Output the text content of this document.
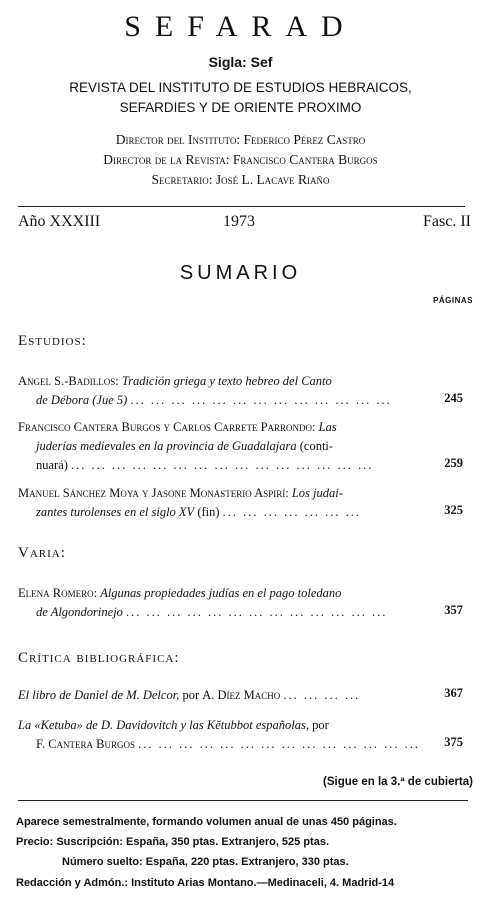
SEFARAD
Sigla: Sef
REVISTA DEL INSTITUTO DE ESTUDIOS HEBRAICOS,
SEFARDIES Y DE ORIENTE PROXIMO
Director del Instituto: Federico Pérez Castro
Director de la Revista: Francisco Cantera Burgos
Secretario: José L. Lacave Riaño
Año XXXIII	1973	Fasc. II
SUMARIO
PÁGINAS
Estudios:
Angel S.-Badillos: Tradición griega y texto hebreo del Canto
de Débora (Jue 5) ... ... ... ... ... ... ... ... ... ... ... ... ...	245
Francisco Cantera Burgos y Carlos Carrete Parrondo: Las
juderías medievales en la provincia de Guadalajara (conti-
nuará) ... ... ... ... ... ... ... ... ... ... ... ... ... ... ...	259
Manuel Sánchez Moya y Jasone Monasterio Aspirí: Los judai-
zantes turolenses en el siglo XV (fin) ... ... ... ... ... ... ...	325
Varia:
Elena Romero: Algunas propiedades judías en el pago toledano
de Algondorinejo ... ... ... ... ... ... ... ... ... ... ... ... ...	357
Crítica bibliográfica:
El libro de Daniel de M. Delcor, por A. Díez Macho ... ... ... ...	367
La «Ketuba» de D. Davidovitch y las Kĕtubbot españolas, por
F. Cantera Burgos ... ... ... ... ... ... ... ... ... ... ... ... ... ...	375
(Sigue en la 3.ª de cubierta)
Aparece semestralmente, formando volumen anual de unas 450 páginas.
Precio: Suscripción: España, 350 ptas. Extranjero, 525 ptas.
Número suelto: España, 220 ptas. Extranjero, 330 ptas.
Redacción y Admón.: Instituto Arias Montano.—Medinaceli, 4. Madrid-14
